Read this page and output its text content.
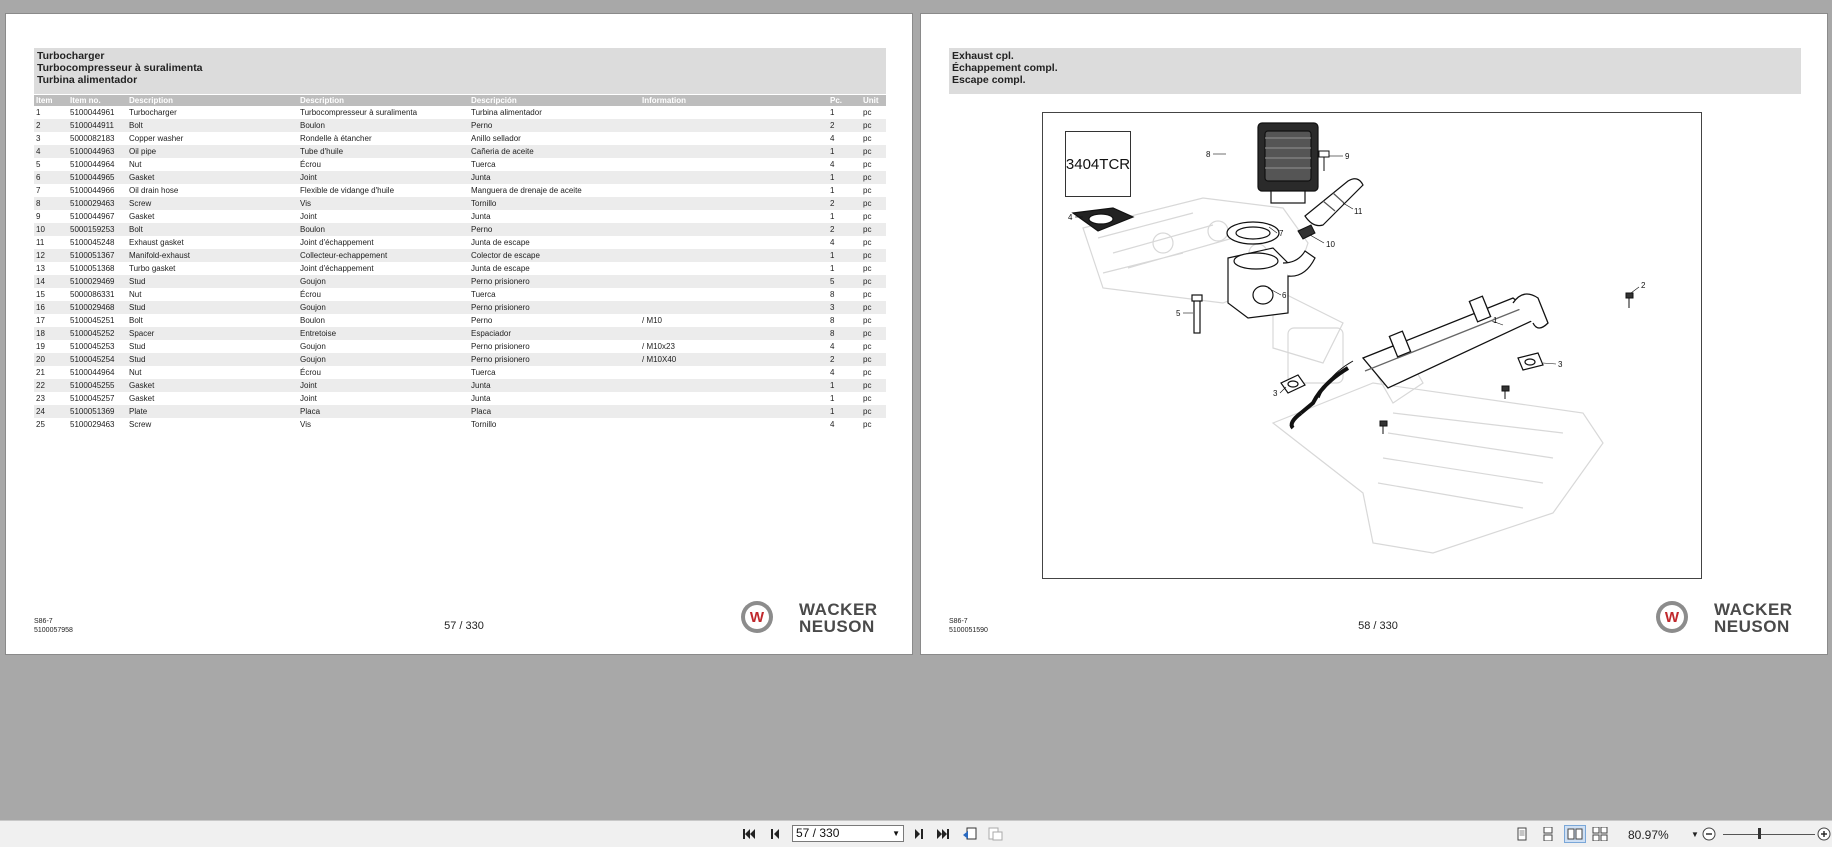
Turbocharger
Turbocompresseur à suralimenta
Turbina alimentador
Item	Item no.	Description	Description	Descripción	Information	Pc.	Unit
1	5100044961	Turbocharger	Turbocompresseur à suralimenta	Turbina alimentador		1	pc
2	5100044911	Bolt	Boulon	Perno		2	pc
3	5000082183	Copper washer	Rondelle à étancher	Anillo sellador		4	pc
4	5100044963	Oil pipe	Tube d'huile	Cañeria de aceite		1	pc
5	5100044964	Nut	Écrou	Tuerca		4	pc
6	5100044965	Gasket	Joint	Junta		1	pc
7	5100044966	Oil drain hose	Flexible de vidange d'huile	Manguera de drenaje de aceite		1	pc
8	5100029463	Screw	Vis	Tornillo		2	pc
9	5100044967	Gasket	Joint	Junta		1	pc
10	5000159253	Bolt	Boulon	Perno		2	pc
11	5100045248	Exhaust gasket	Joint d'échappement	Junta de escape		4	pc
12	5100051367	Manifold-exhaust	Collecteur-echappement	Colector de escape		1	pc
13	5100051368	Turbo gasket	Joint d'échappement	Junta de escape		1	pc
14	5100029469	Stud	Goujon	Perno prisionero		5	pc
15	5000086331	Nut	Écrou	Tuerca		8	pc
16	5100029468	Stud	Goujon	Perno prisionero		3	pc
17	5100045251	Bolt	Boulon	Perno	/ M10	8	pc
18	5100045252	Spacer	Entretoise	Espaciador		8	pc
19	5100045253	Stud	Goujon	Perno prisionero	/ M10x23	4	pc
20	5100045254	Stud	Goujon	Perno prisionero	/ M10X40	2	pc
21	5100044964	Nut	Écrou	Tuerca		4	pc
22	5100045255	Gasket	Joint	Junta		1	pc
23	5100045257	Gasket	Joint	Junta		1	pc
24	5100051369	Plate	Placa	Placa		1	pc
25	5100029463	Screw	Vis	Tornillo		4	pc
S86-7
5100057958	57 / 330
W WACKER
NEUSON
Exhaust cpl.
Échappement compl.
Escape compl.
3404TCR
1
2
3
3
4
5
6
7
8	9
10
11
S86-7
5100051590	58 / 330
W WACKER
NEUSON
57 / 330	▼	80.97%	▼
